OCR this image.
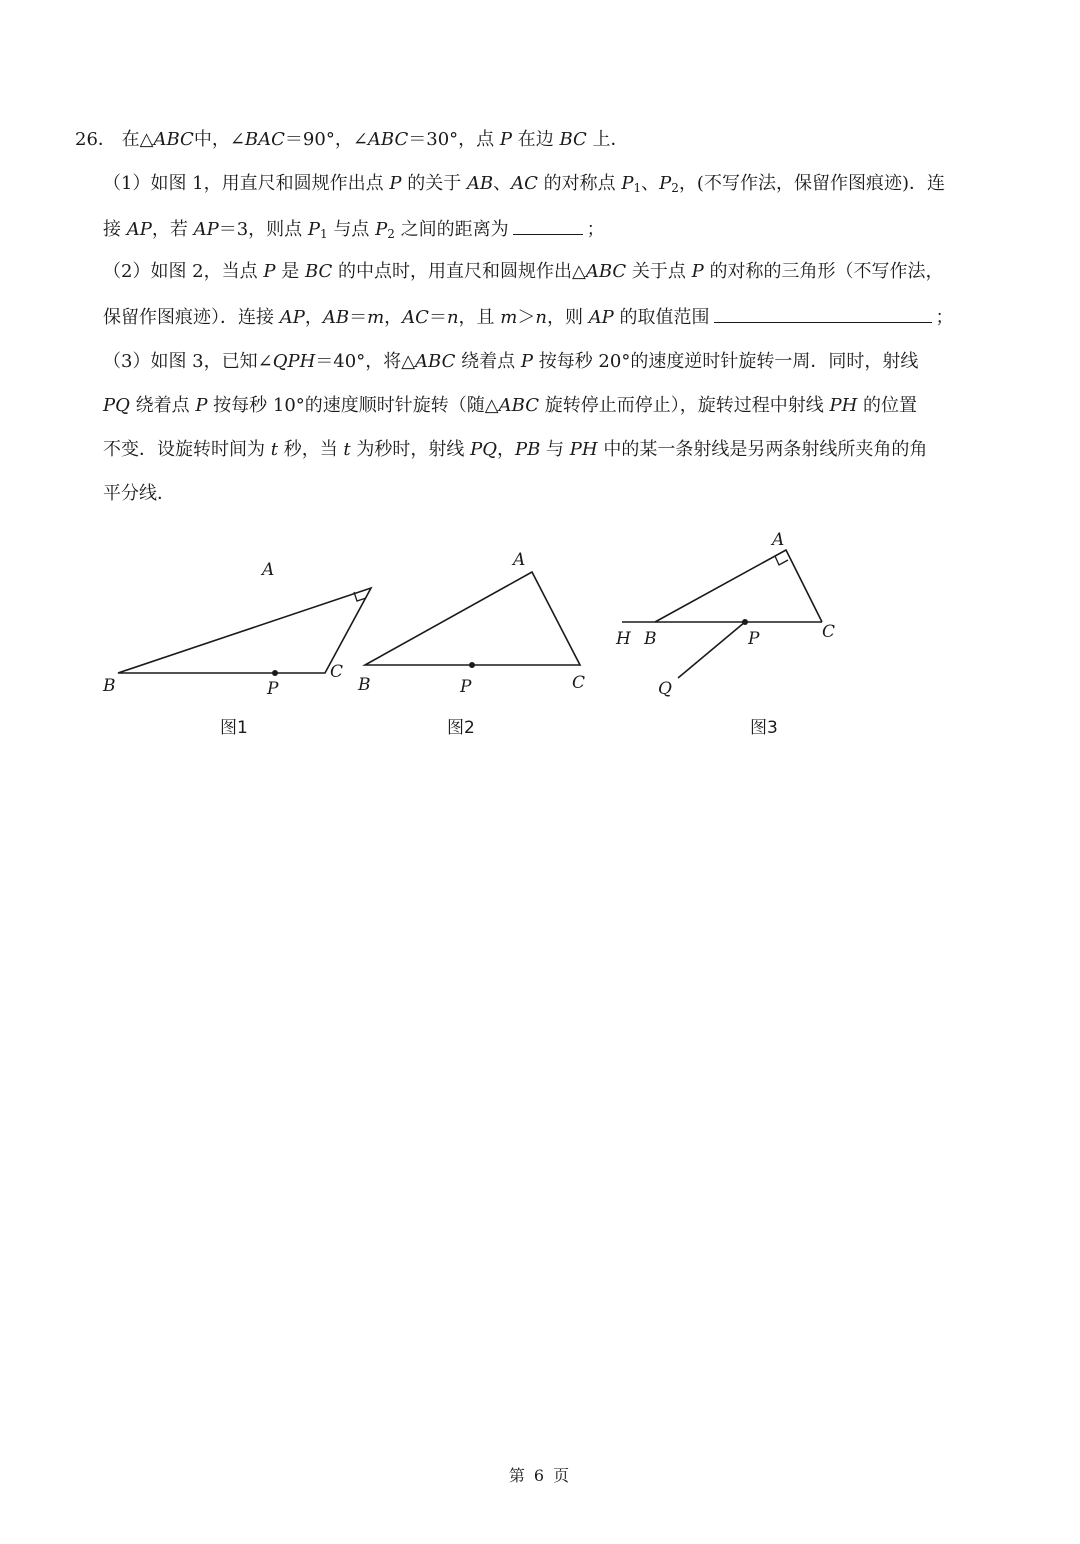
26． 在△ABC中，∠BAC＝90°，∠ABC＝30°，点 P 在边 BC 上．
（1）如图 1，用直尺和圆规作出点 P 的关于 AB、AC 的对称点 $P_1$、$P_2$，(不写作法，保留作图痕迹)．连
接 AP，若 AP＝3，则点 $P_1$ 与点 $P_2$ 之间的距离为	；
（2）如图 2，当点 P 是 BC 的中点时，用直尺和圆规作出△ABC 关于点 P 的对称的三角形（不写作法，
保留作图痕迹）．连接 AP，AB＝m，AC＝n，且 m＞n，则 AP 的取值范围	；
（3）如图 3，已知∠QPH＝40°，将△ABC 绕着点 P 按每秒 20°的速度逆时针旋转一周．同时，射线
PQ 绕着点 P 按每秒 10°的速度顺时针旋转（随△ABC 旋转停止而停止），旋转过程中射线 PH 的位置
不变．设旋转时间为 t 秒，当 t 为秒时，射线 PQ，PB 与 PH 中的某一条射线是另两条射线所夹角的角
平分线．
A
B
C
P
图1
A
B	C
P
图2
A
H B	P	C
Q
图3
第 6 页
